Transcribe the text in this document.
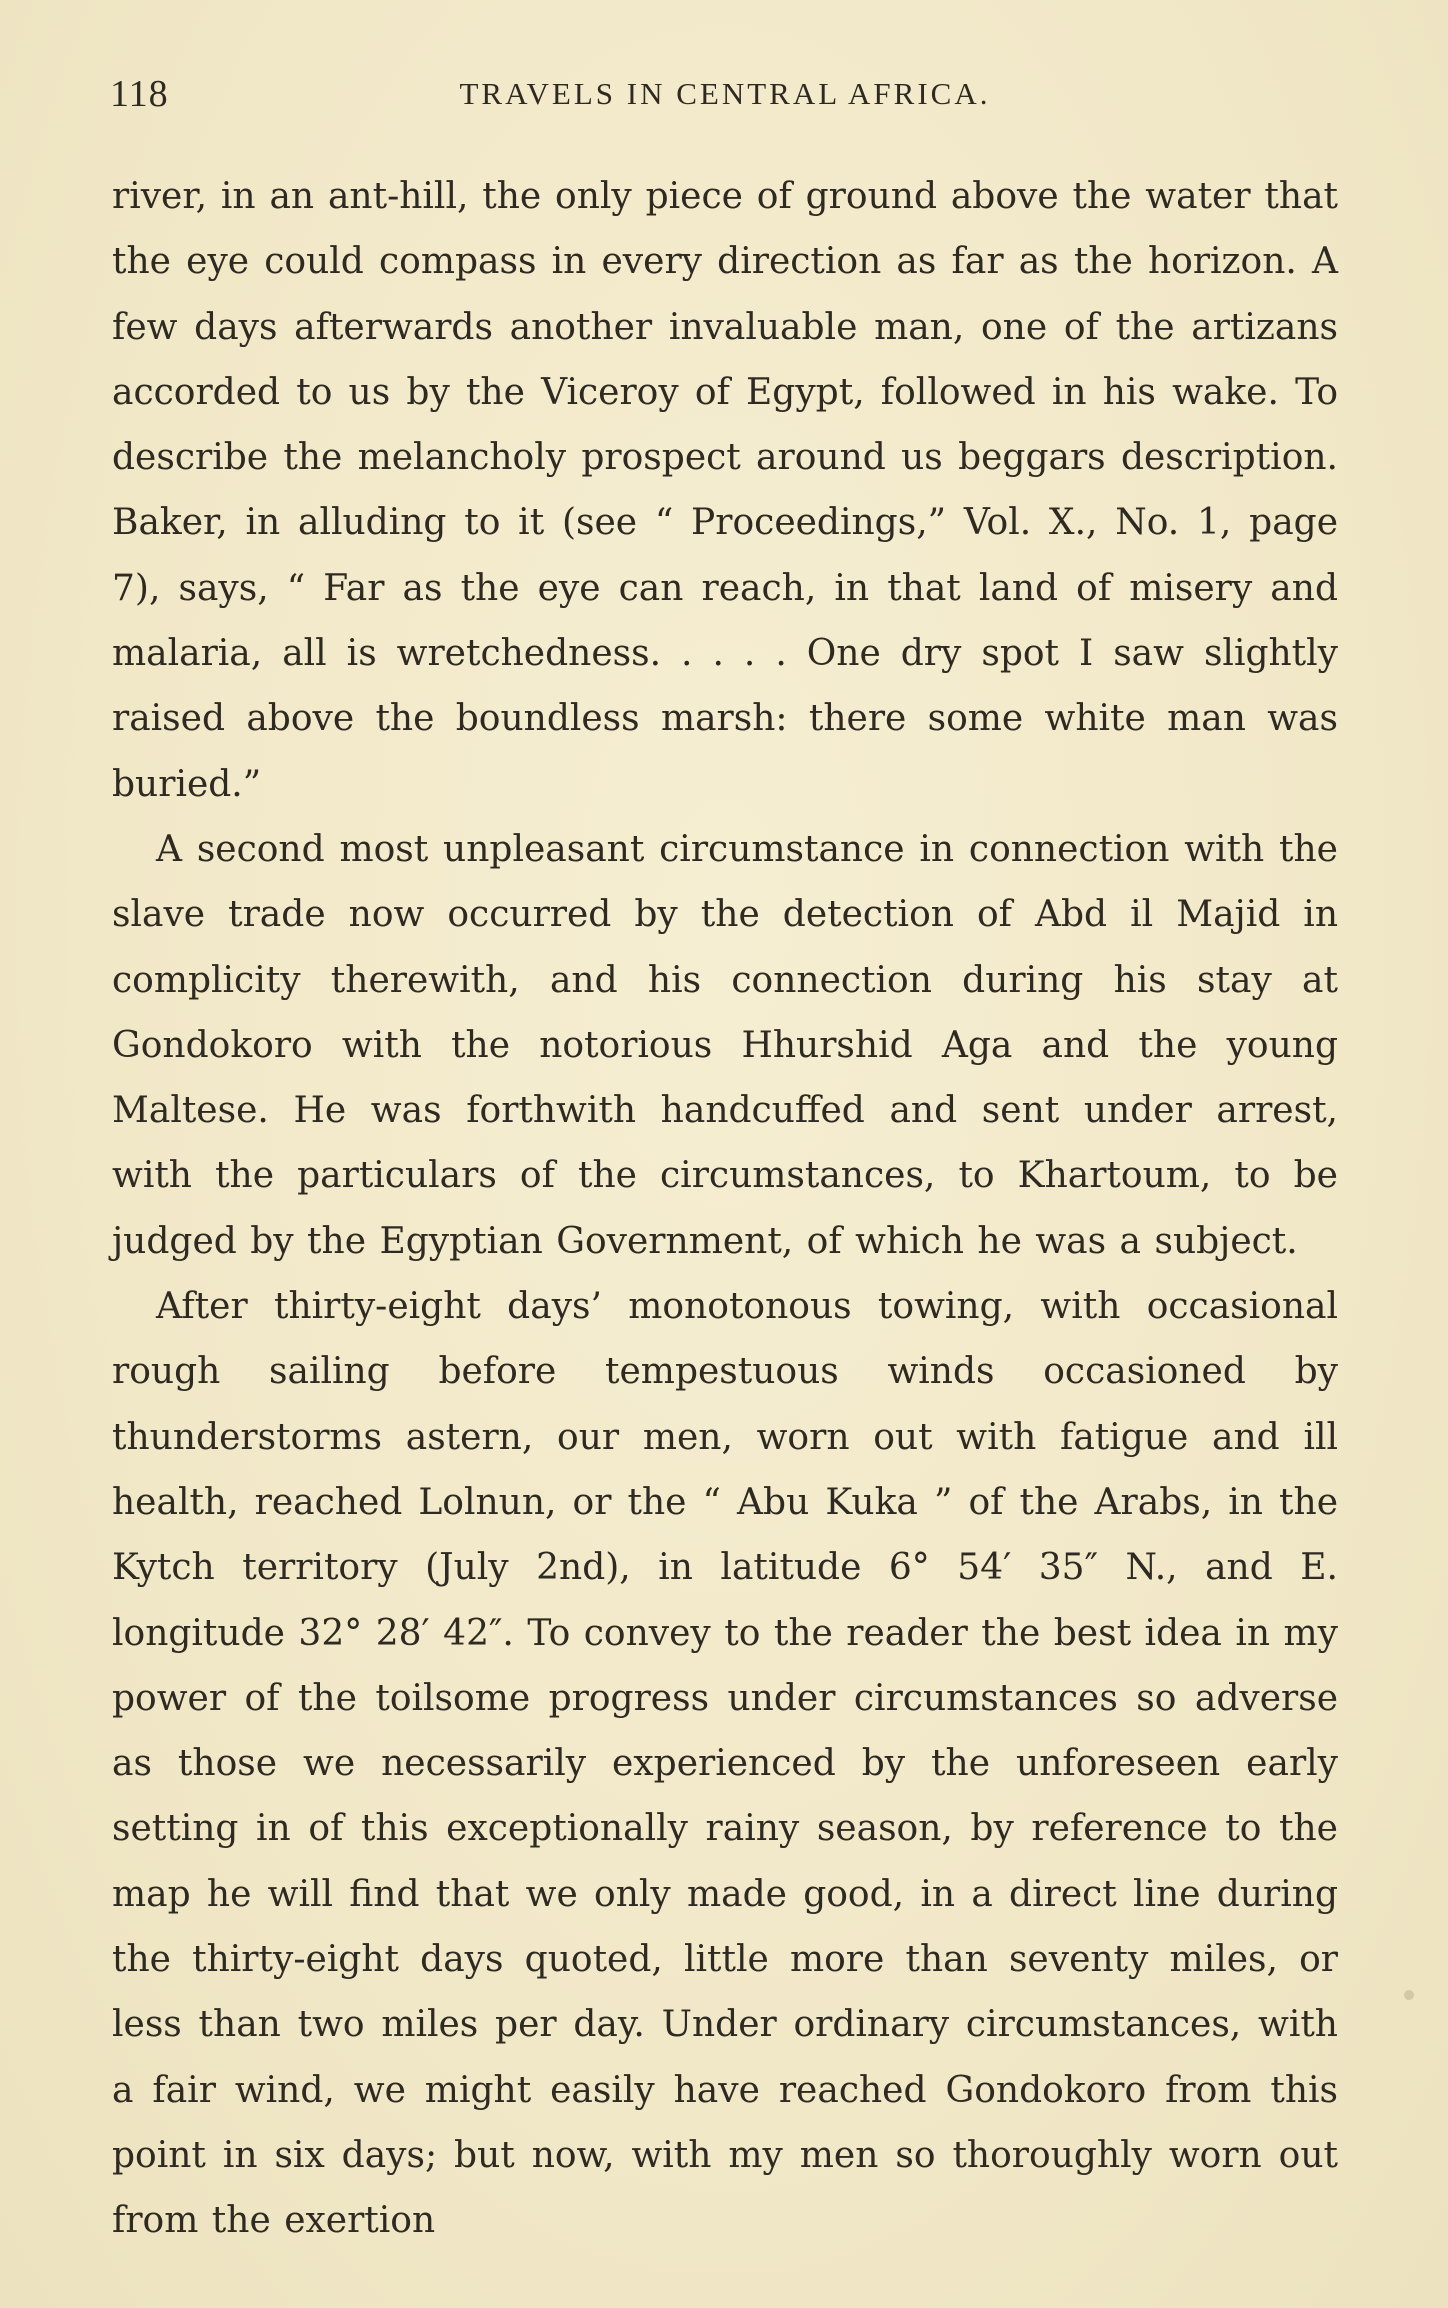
118	TRAVELS IN CENTRAL AFRICA.

river, in an ant-hill, the only piece of ground above the water that the eye could compass in every direction as far as the horizon. A few days afterwards another invaluable man, one of the artizans accorded to us by the Viceroy of Egypt, followed in his wake. To describe the melancholy prospect around us beggars description. Baker, in alluding to it (see “ Proceedings,” Vol. X., No. 1, page 7), says, “ Far as the eye can reach, in that land of misery and malaria, all is wretchedness. . . . . One dry spot I saw slightly raised above the boundless marsh: there some white man was buried.”

A second most unpleasant circumstance in connection with the slave trade now occurred by the detection of Abd il Majid in complicity therewith, and his connection during his stay at Gondokoro with the notorious Hhurshid Aga and the young Maltese. He was forthwith handcuffed and sent under arrest, with the particulars of the circumstances, to Khartoum, to be judged by the Egyptian Government, of which he was a subject.

After thirty-eight days’ monotonous towing, with occasional rough sailing before tempestuous winds occasioned by thunderstorms astern, our men, worn out with fatigue and ill health, reached Lolnun, or the “ Abu Kuka ” of the Arabs, in the Kytch territory (July 2nd), in latitude 6° 54′ 35″ N., and E. longitude 32° 28′ 42″. To convey to the reader the best idea in my power of the toilsome progress under circumstances so adverse as those we necessarily experienced by the unforeseen early setting in of this exceptionally rainy season, by reference to the map he will find that we only made good, in a direct line during the thirty-eight days quoted, little more than seventy miles, or less than two miles per day. Under ordinary circumstances, with a fair wind, we might easily have reached Gondokoro from this point in six days; but now, with my men so thoroughly worn out from the exertion
